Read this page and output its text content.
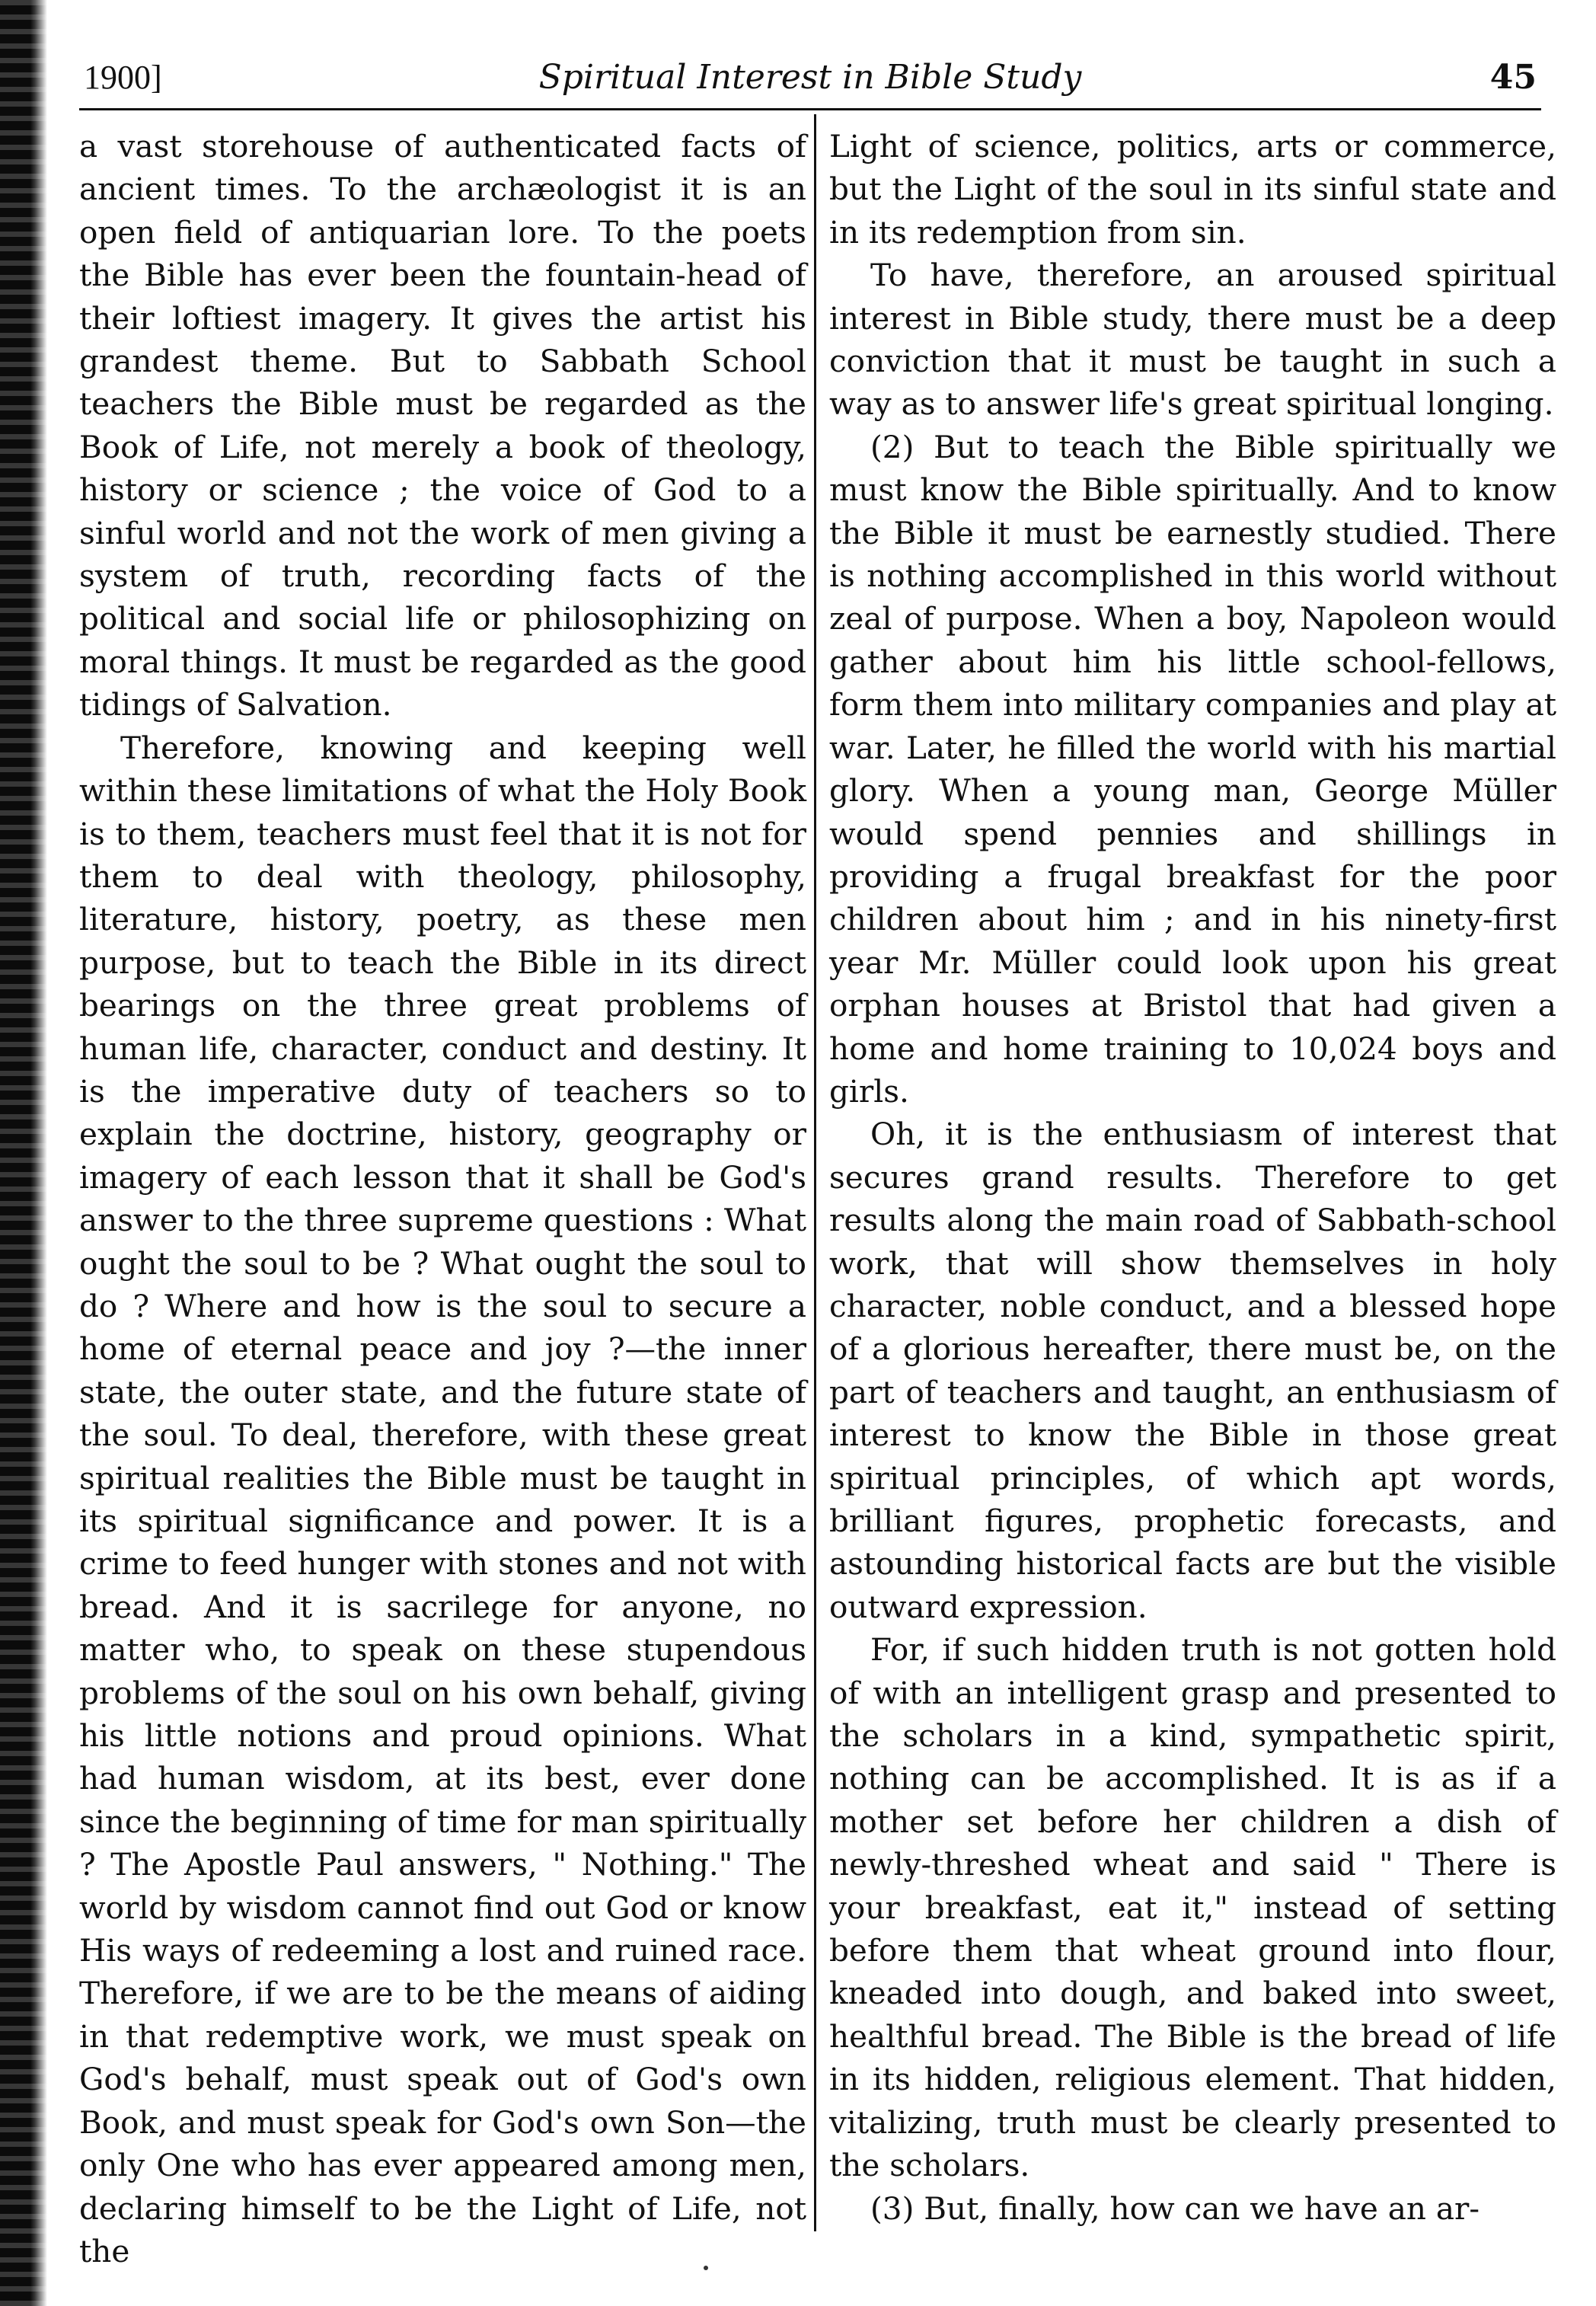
1900]	Spiritual Interest in Bible Study	45

a vast storehouse of authenticated facts of ancient times. To the archæologist it is an open field of antiquarian lore. To the poets the Bible has ever been the fountain-head of their loftiest imagery. It gives the artist his grandest theme. But to Sabbath School teachers the Bible must be regarded as the Book of Life, not merely a book of theology, history or science ; the voice of God to a sinful world and not the work of men giving a system of truth, recording facts of the political and social life or philosophizing on moral things. It must be regarded as the good tidings of Salvation.

Therefore, knowing and keeping well within these limitations of what the Holy Book is to them, teachers must feel that it is not for them to deal with theology, philosophy, literature, history, poetry, as these men purpose, but to teach the Bible in its direct bearings on the three great problems of human life, character, conduct and destiny. It is the imperative duty of teachers so to explain the doctrine, history, geography or imagery of each lesson that it shall be God's answer to the three supreme questions : What ought the soul to be ? What ought the soul to do ? Where and how is the soul to secure a home of eternal peace and joy ?—the inner state, the outer state, and the future state of the soul. To deal, therefore, with these great spiritual realities the Bible must be taught in its spiritual significance and power. It is a crime to feed hunger with stones and not with bread. And it is sacrilege for anyone, no matter who, to speak on these stupendous problems of the soul on his own behalf, giving his little notions and proud opinions. What had human wisdom, at its best, ever done since the beginning of time for man spiritually ? The Apostle Paul answers, " Nothing." The world by wisdom cannot find out God or know His ways of redeeming a lost and ruined race. Therefore, if we are to be the means of aiding in that redemptive work, we must speak on God's behalf, must speak out of God's own Book, and must speak for God's own Son—the only One who has ever appeared among men, declaring himself to be the Light of Life, not the

Light of science, politics, arts or commerce, but the Light of the soul in its sinful state and in its redemption from sin.

To have, therefore, an aroused spiritual interest in Bible study, there must be a deep conviction that it must be taught in such a way as to answer life's great spiritual longing.

(2) But to teach the Bible spiritually we must know the Bible spiritually. And to know the Bible it must be earnestly studied. There is nothing accomplished in this world without zeal of purpose. When a boy, Napoleon would gather about him his little school-fellows, form them into military companies and play at war. Later, he filled the world with his martial glory. When a young man, George Müller would spend pennies and shillings in providing a frugal breakfast for the poor children about him ; and in his ninety-first year Mr. Müller could look upon his great orphan houses at Bristol that had given a home and home training to 10,024 boys and girls.

Oh, it is the enthusiasm of interest that secures grand results. Therefore to get results along the main road of Sabbath-school work, that will show themselves in holy character, noble conduct, and a blessed hope of a glorious hereafter, there must be, on the part of teachers and taught, an enthusiasm of interest to know the Bible in those great spiritual principles, of which apt words, brilliant figures, prophetic forecasts, and astounding historical facts are but the visible outward expression.

For, if such hidden truth is not gotten hold of with an intelligent grasp and presented to the scholars in a kind, sympathetic spirit, nothing can be accomplished. It is as if a mother set before her children a dish of newly-threshed wheat and said " There is your breakfast, eat it," instead of setting before them that wheat ground into flour, kneaded into dough, and baked into sweet, healthful bread. The Bible is the bread of life in its hidden, religious element. That hidden, vitalizing, truth must be clearly presented to the scholars.

(3) But, finally, how can we have an ar-
